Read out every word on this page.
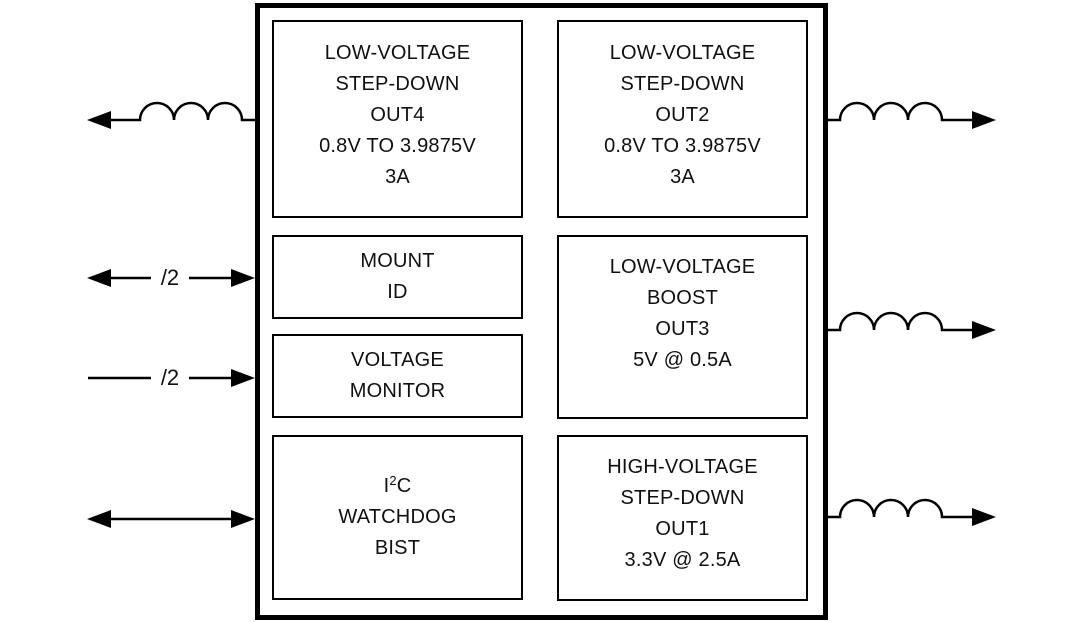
LOW-VOLTAGE
STEP-DOWN
OUT4
0.8V TO 3.9875V
3A
LOW-VOLTAGE
STEP-DOWN
OUT2
0.8V TO 3.9875V
3A
MOUNT
ID
VOLTAGE
MONITOR
LOW-VOLTAGE
BOOST
OUT3
5V @ 0.5A
$I^2C$
WATCHDOG
BIST
HIGH-VOLTAGE
STEP-DOWN
OUT1
3.3V @ 2.5A
/2
/2
